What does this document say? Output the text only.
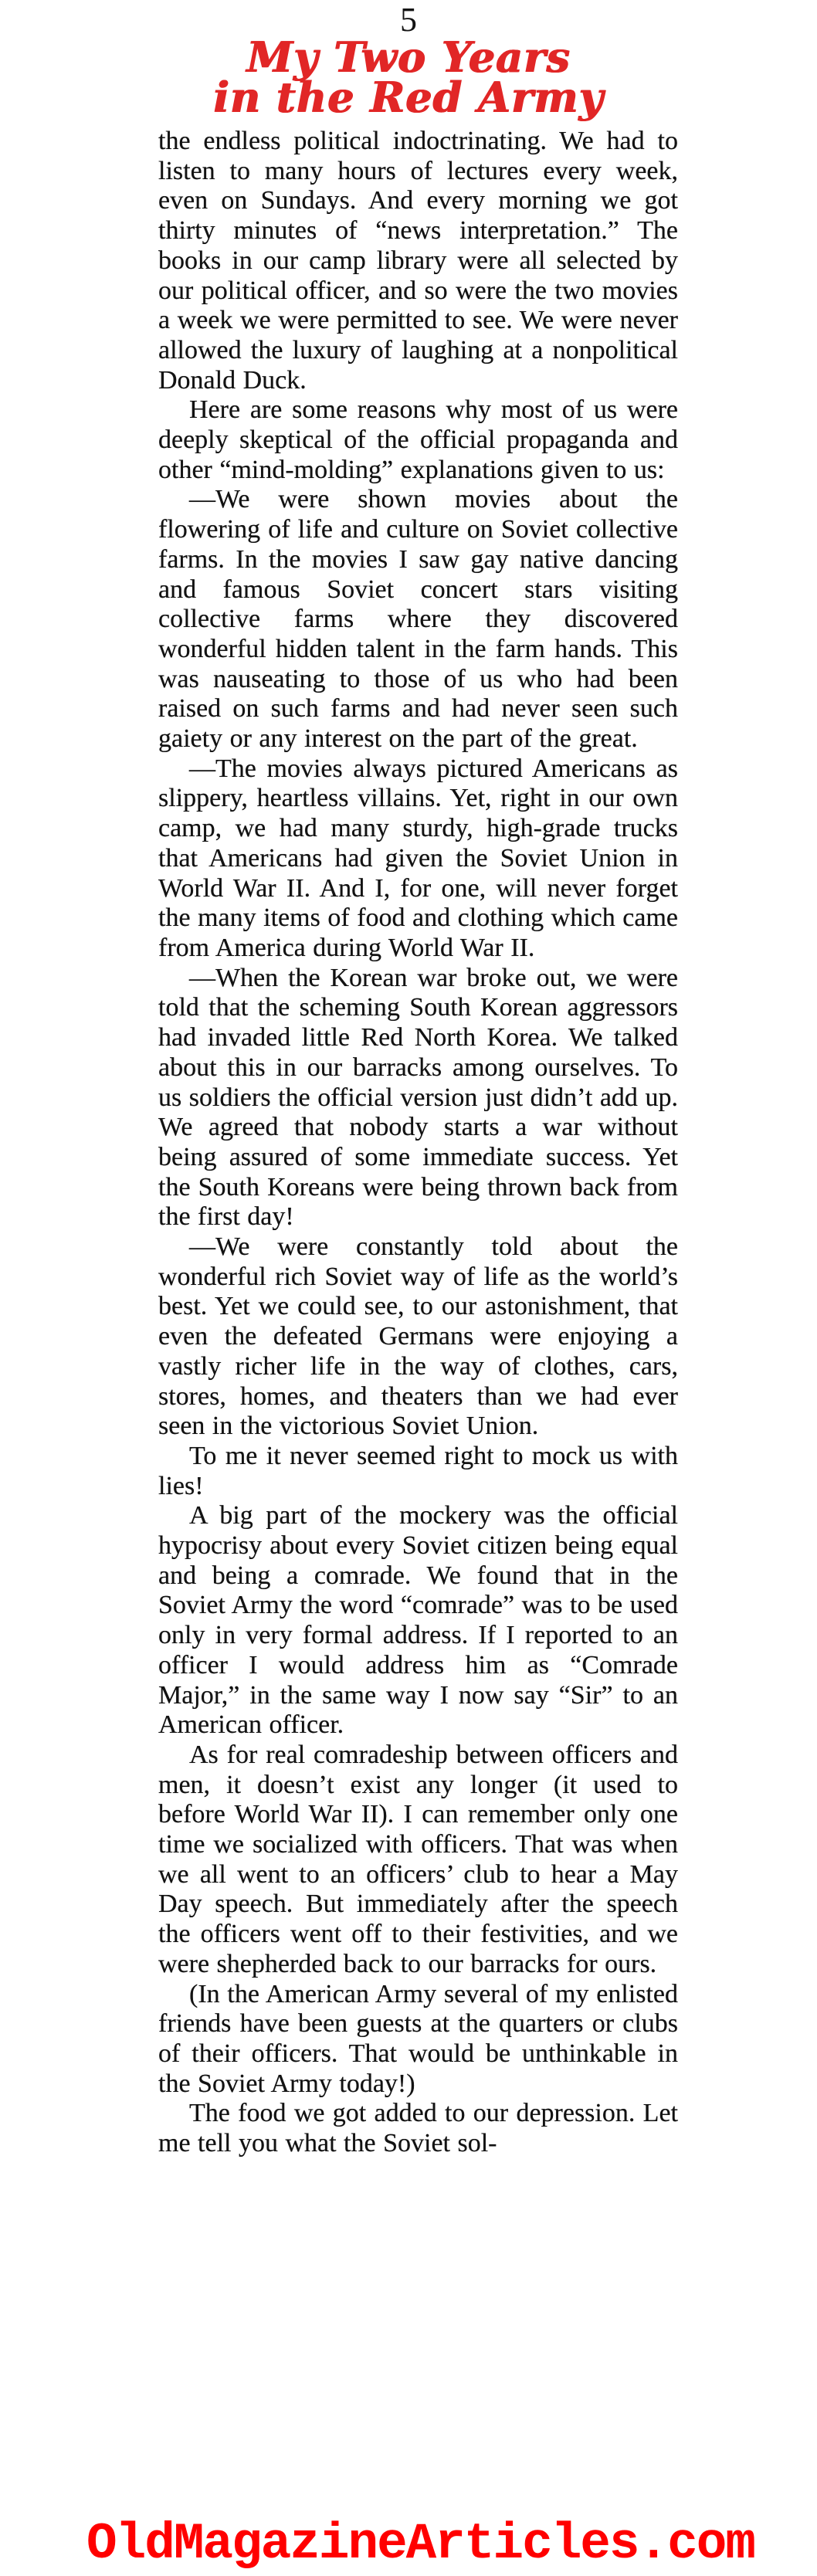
5
My Two Years
in the Red Army

the endless political indoctrinating. We had to listen to many hours of lectures every week, even on Sundays. And every morning we got thirty minutes of “news interpretation.” The books in our camp library were all selected by our political officer, and so were the two movies a week we were permitted to see. We were never allowed the luxury of laughing at a nonpolitical Donald Duck.

Here are some reasons why most of us were deeply skeptical of the official propaganda and other “mind-molding” explanations given to us:

—We were shown movies about the flowering of life and culture on Soviet collective farms. In the movies I saw gay native dancing and famous Soviet concert stars visiting collective farms where they discovered wonderful hidden talent in the farm hands. This was nauseating to those of us who had been raised on such farms and had never seen such gaiety or any interest on the part of the great.

—The movies always pictured Americans as slippery, heartless villains. Yet, right in our own camp, we had many sturdy, high-grade trucks that Americans had given the Soviet Union in World War II. And I, for one, will never forget the many items of food and clothing which came from America during World War II.

—When the Korean war broke out, we were told that the scheming South Korean aggressors had invaded little Red North Korea. We talked about this in our barracks among ourselves. To us soldiers the official version just didn’t add up. We agreed that nobody starts a war without being assured of some immediate success. Yet the South Koreans were being thrown back from the first day!

—We were constantly told about the wonderful rich Soviet way of life as the world’s best. Yet we could see, to our astonishment, that even the defeated Germans were enjoying a vastly richer life in the way of clothes, cars, stores, homes, and theaters than we had ever seen in the victorious Soviet Union.

To me it never seemed right to mock us with lies!

A big part of the mockery was the official hypocrisy about every Soviet citizen being equal and being a comrade. We found that in the Soviet Army the word “comrade” was to be used only in very formal address. If I reported to an officer I would address him as “Comrade Major,” in the same way I now say “Sir” to an American officer.

As for real comradeship between officers and men, it doesn’t exist any longer (it used to before World War II). I can remember only one time we socialized with officers. That was when we all went to an officers’ club to hear a May Day speech. But immediately after the speech the officers went off to their festivities, and we were shepherded back to our barracks for ours.

(In the American Army several of my enlisted friends have been guests at the quarters or clubs of their officers. That would be unthinkable in the Soviet Army today!)

The food we got added to our depression. Let me tell you what the Soviet sol-

OldMagazineArticles.com
